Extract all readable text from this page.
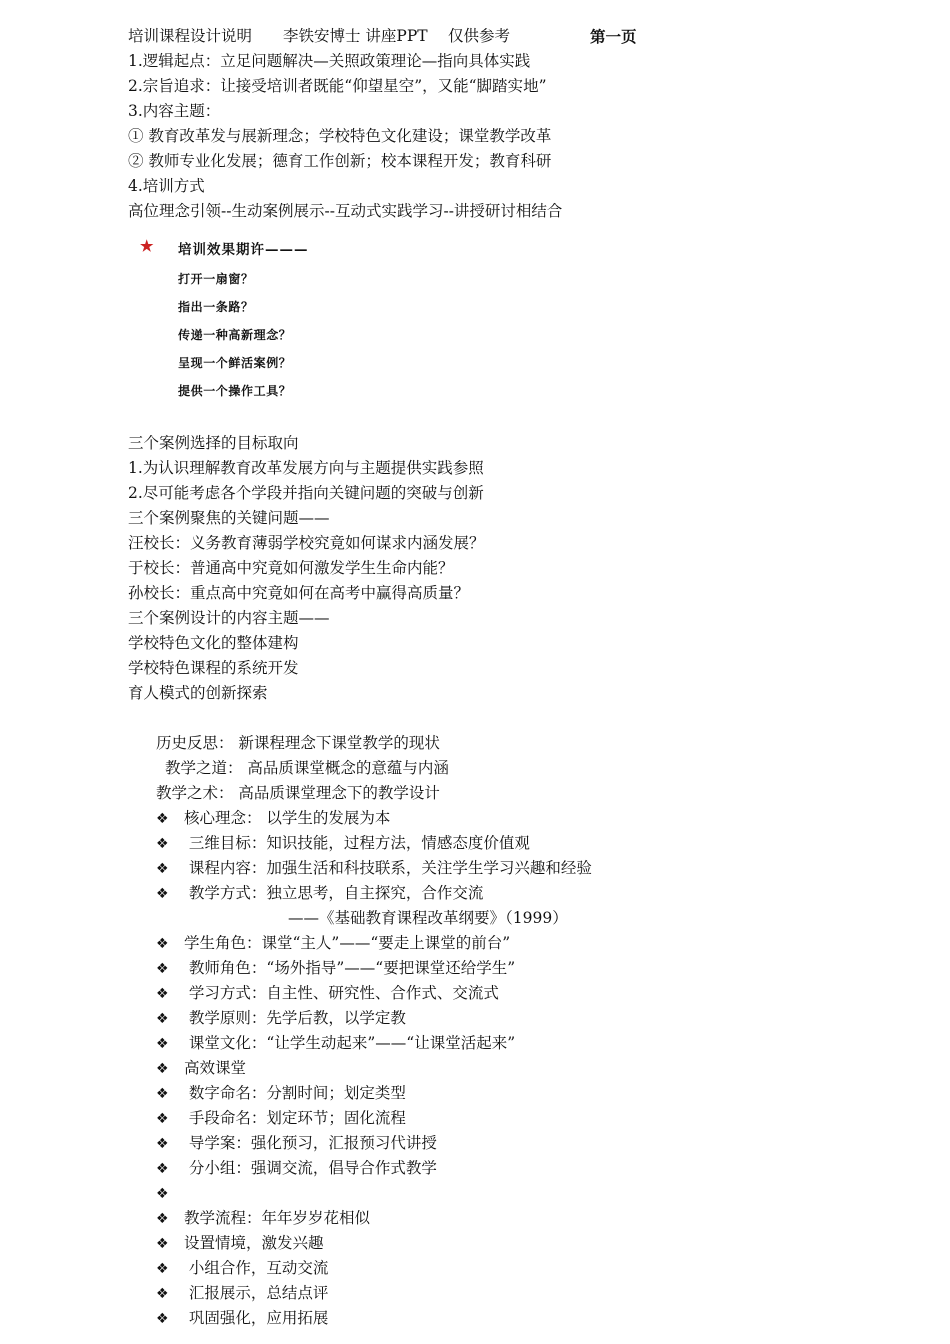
培训课程设计说明　　李铁安博士 讲座PPT　 仅供参考	第一页
1.逻辑起点：立足问题解决—关照政策理论—指向具体实践
2.宗旨追求：让接受培训者既能“仰望星空”，又能“脚踏实地”
3.内容主题：
① 教育改革发与展新理念；学校特色文化建设；课堂教学改革
② 教师专业化发展；德育工作创新；校本课程开发；教育科研
4.培训方式
高位理念引领--生动案例展示--互动式实践学习--讲授研讨相结合
★ 培训效果期许———
打开一扇窗？
指出一条路？
传递一种高新理念？
呈现一个鲜活案例？
提供一个操作工具？
三个案例选择的目标取向
1.为认识理解教育改革发展方向与主题提供实践参照
2.尽可能考虑各个学段并指向关键问题的突破与创新
三个案例聚焦的关键问题——
汪校长：义务教育薄弱学校究竟如何谋求内涵发展？
于校长：普通高中究竟如何激发学生生命内能？
孙校长：重点高中究竟如何在高考中赢得高质量？
三个案例设计的内容主题——
学校特色文化的整体建构
学校特色课程的系统开发
育人模式的创新探索
历史反思： 新课程理念下课堂教学的现状
教学之道： 高品质课堂概念的意蕴与内涵
教学之术： 高品质课堂理念下的教学设计
❖ 核心理念： 以学生的发展为本
❖ 三维目标：知识技能，过程方法，情感态度价值观
❖ 课程内容：加强生活和科技联系，关注学生学习兴趣和经验
❖ 教学方式：独立思考，自主探究，合作交流
——《基础教育课程改革纲要》（1999）
❖ 学生角色：课堂“主人”——“要走上课堂的前台”
❖ 教师角色：“场外指导”——“要把课堂还给学生”
❖ 学习方式：自主性、研究性、合作式、交流式
❖ 教学原则：先学后教，以学定教
❖ 课堂文化：“让学生动起来”——“让课堂活起来”
❖ 高效课堂
❖ 数字命名：分割时间；划定类型
❖ 手段命名：划定环节；固化流程
❖ 导学案：强化预习，汇报预习代讲授
❖ 分小组：强调交流，倡导合作式教学
❖
❖ 教学流程：年年岁岁花相似
❖ 设置情境，激发兴趣
❖ 小组合作，互动交流
❖ 汇报展示，总结点评
❖ 巩固强化，应用拓展
